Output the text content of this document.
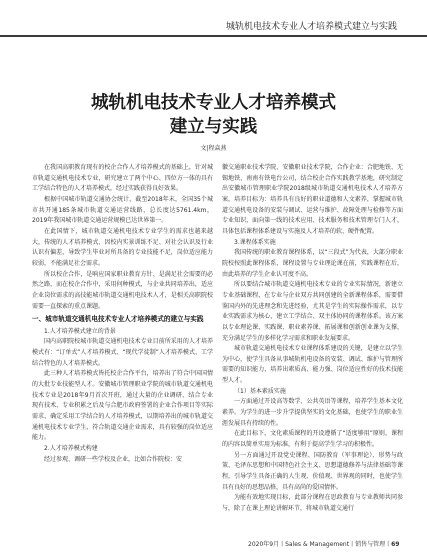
城轨机电技术专业人才培养模式建立与实践
城轨机电技术专业人才培养模式
建立与实践
文|程焱燕

在我国高职教育现有的校企合作人才培养模式的基础上，针对城市轨道交通机电技术专业，研究建立了两个中心、四位方一体的具有工学结合特色的人才培养模式，经过实践获得良好效果。

根据中国城市轨道交通协会统计，截至2018年末，全国35个城市共开通185条城市轨道交通运营线路，总长度达5761.4km，2019年我国城市轨道交通运营规模已达世界第一。

在此国情下，城市轨道交通机电技术专业学生的需求也越来越大，传统的人才培养模式、因校内实景训练不足、对社会认识及行业认识有偏差，导致学生毕业对所具备的专业技能不足，岗位适应能力较弱，不能满足社会需求。

所以校企合作，是响应国家职业教育方针、是满足社会需要的必然之路，而在校企合作中，采用何种模式，与企业共同培养出，适应企业岗位需求的高技能城市轨道交通机电技术人才，是相关高职院校需要一直探索的重点课题。

一、城市轨道交通机电技术专业人才培养模式的建立与实践

1.人才培养模式建立的背景

国内高职院校城市轨道交通机电技术专业目前所采用的人才培养模式有：“订单式”人才培养模式、“现代学徒制”人才培养模式、工学结合特色的人才培养模式。

此三种人才培养模式皆托校企合作平台，培养出了符合中国国情的大批专业技能型人才。安徽城市管理职业学院的城市轨道交通机电技术专业是2018年9月首次开班，通过大量的企业调研、结合专业现有技术、专业积累之后及与合肥市政府签署的企业合作项目等实际需求，确定采用工学结合的人才培养模式，以期培养出的城市轨道交通机电技术专业学生，符合轨道交通企业需求，具有较强的岗位适应能力。

2.人才培养模式构建

经过参观、调研一些学校及企业，比如合作院校：安

徽交通职业技术学院、安徽职业技术学院，合作企业：合肥地铁、无锡地铁、南南有铁电台公司，结合校企合作实践教学基地，研究制定出安徽城市管理职业学院2018级城市轨道交通机电技术人才培养方案，培养目标为：培养具有良好的职业道德和人文素养，掌握城市轨道交通机电设备的安装与调试、运营与维护、故障处理与检修等方面专业知识，面向第一线的技术应用、技术服务和技术管理专门人才，具体包括课程体系建设与实施及人才培养的软、硬件配置。

3.课程体系实施

我国传统的职业教育课程体系，以“三段式”为代表，大部分职业院校按照此课程体系，课程设置与专业理论课在前，实践课程在后，由此培养的学生企业认可度不高。

所以要结合城市轨道交通机电技术专业的专业实际情况，新建立专业基础课程，在专业与企业双方共同创建的全新课程体系，需要借鉴国内外的先进理念和先进经验，尤其是学生的实际操作需求，以专业实践需求为核心，建立工学结合、双主体协同的课程体系。该方案以专业理论课、实践课、职业素养课、拓展课和创新创业课为支撑，充分满足学生的多样化学习需求和职业发展要求。

城市轨道交通机电技术专业课程体系建设的关键，是建立以学生为中心，使学生具备从事城轨机电设备的安装、调试、维护与管理所需要的知识能力，培养出素质高、能力强、岗位适应性好的技术技能型人才。

（1）基本素质实施

一方面通过开设高等数学、公共英语等课程，培养学生基本文化素养。为学生的进一步升学提供坚实的文化基础，也使学生的职业生涯发展具有持续的性。

在此目标下，文化素质课程的开设遵循了“适度够用”原则，课程的内容以简单实用为标准，有利于提高学生学习的积极性。

另一方面通过开设党史课程、国防教育（军事理论）、形势与政策、毛泽东思想和中国特色社会主义、思想道德修养与法律基础等课程，引导学生具备正确的人生观、价值观、世界观的同时，也使学生具有良好的思想品格，具有高尚的爱国情怀。

为能有效地实现目标，此部分课程在思政教育与专业教师共同参与，除了在课上理论讲解环节，将城市轨道交通行

2020年9月丨Sales & Management丨销售与管理丨69
